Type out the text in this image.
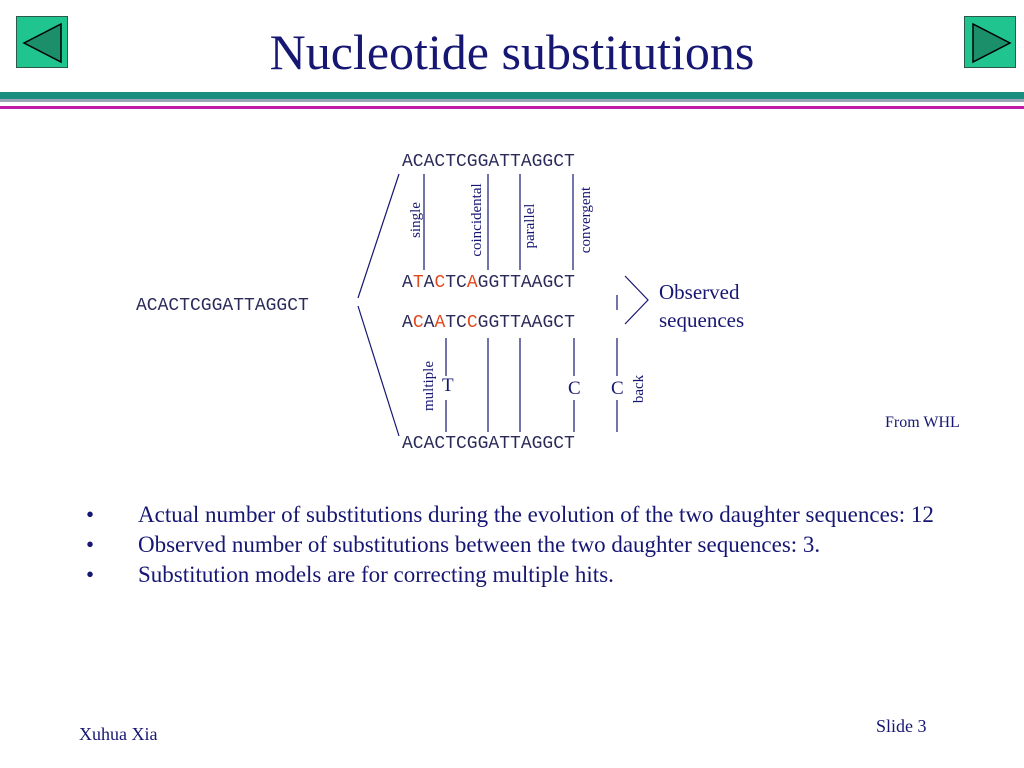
Nucleotide substitutions
ACACTCGGATTAGGCT
ACACTCGGATTAGGCT
ATACTCAGGTTAAGCT
ACAATCCGGTTAAGCT
ACACTCGGATTAGGCT
single	coincidental parallel	convergent
multiple	back
T	C C
Observed
sequences
From WHL
• Actual number of substitutions during the evolution of the two daughter sequences: 12
• Observed number of substitutions between the two daughter sequences: 3.
• Substitution models are for correcting multiple hits.
Xuhua Xia	Slide 3
